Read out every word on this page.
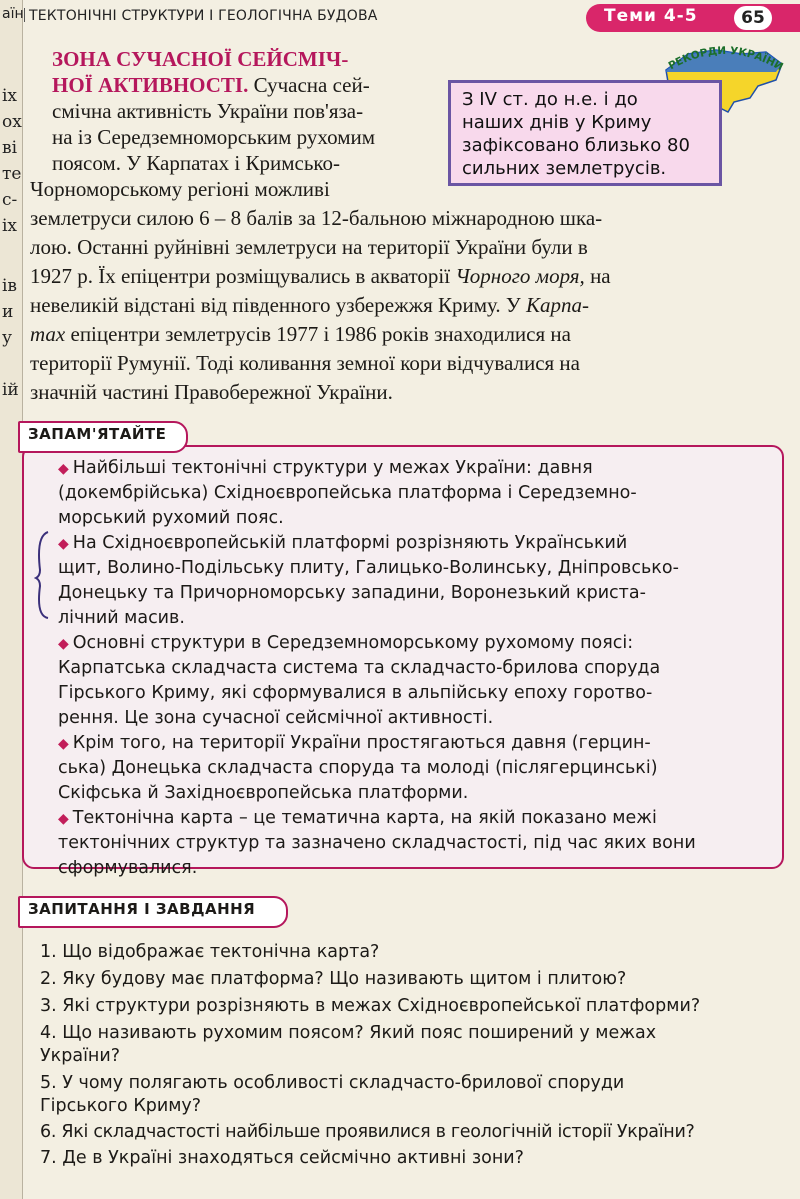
аїн
іх
ох
ві
те
с-
іх
ів
и
у
ій
ТЕКТОНІЧНІ СТРУКТУРИ І ГЕОЛОГІЧНА БУДОВА	Теми 4-5	65
РЕКОРДИ УКРАЇНИ
З IV ст. до н.е. і до
наших днів у Криму
зафіксовано близько 80
сильних землетрусів.
ЗОНА СУЧАСНОЇ СЕЙСМІЧ-
НОЇ АКТИВНОСТІ. Сучасна сей-
смічна активність України пов'яза-
на із Середземноморським рухомим
поясом. У Карпатах і Кримсько-
Чорноморському регіоні можливі
землетруси силою 6 – 8 балів за 12-бальною міжнародною шка-
лою. Останні руйнівні землетруси на території України були в
1927 р. Їх епіцентри розміщувались в акваторії Чорного моря, на
невеликій відстані від південного узбережжя Криму. У Карпа-
тах епіцентри землетрусів 1977 і 1986 років знаходилися на
території Румунії. Тоді коливання земної кори відчувалися на
значній частині Правобережної України.
ЗАПАМ'ЯТАЙТЕ
◆ Найбільші тектонічні структури у межах України: давня
(докембрійська) Східноєвропейська платформа і Середземно-
морський рухомий пояс.
◆ На Східноєвропейській платформі розрізняють Український
щит, Волино-Подільську плиту, Галицько-Волинську, Дніпровсько-
Донецьку та Причорноморську западини, Воронезький криста-
лічний масив.
◆ Основні структури в Середземноморському рухомому поясі:
Карпатська складчаста система та складчасто-брилова споруда
Гірського Криму, які сформувалися в альпійську епоху горотво-
рення. Це зона сучасної сейсмічної активності.
◆ Крім того, на території України простягаються давня (герцин-
ська) Донецька складчаста споруда та молоді (післягерцинські)
Скіфська й Західноєвропейська платформи.
◆ Тектонічна карта – це тематична карта, на якій показано межі
тектонічних структур та зазначено складчастості, під час яких вони
сформувалися.
ЗАПИТАННЯ І ЗАВДАННЯ
1. Що відображає тектонічна карта?
2. Яку будову має платформа? Що називають щитом і плитою?
3. Які структури розрізняють в межах Східноєвропейської платформи?
4. Що називають рухомим поясом? Який пояс поширений у межах
України?
5. У чому полягають особливості складчасто-брилової споруди
Гірського Криму?
6. Які складчастості найбільше проявилися в геологічній історії України?
7. Де в Україні знаходяться сейсмічно активні зони?
